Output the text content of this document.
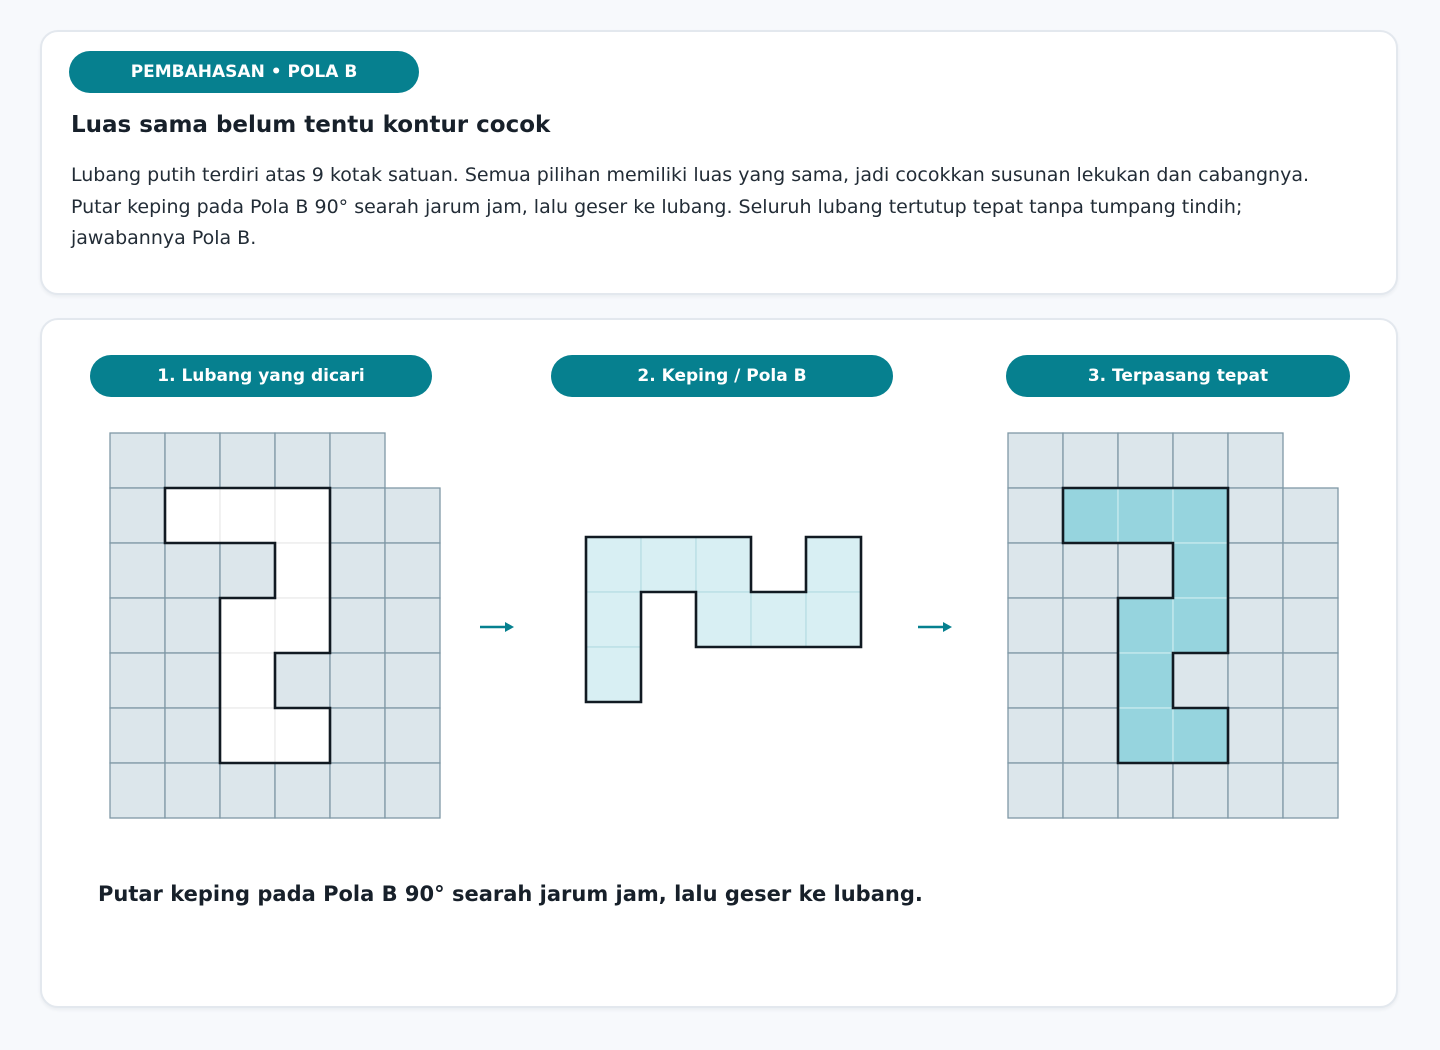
PEMBAHASAN • POLA B
Luas sama belum tentu kontur cocok

Lubang putih terdiri atas 9 kotak satuan. Semua pilihan memiliki luas yang sama, jadi cocokkan susunan lekukan dan cabangnya. Putar keping pada Pola B 90° searah jarum jam, lalu geser ke lubang. Seluruh lubang tertutup tepat tanpa tumpang tindih; jawabannya Pola B.

1. Lubang yang dicari	2. Keping / Pola B	3. Terpasang tepat
Putar keping pada Pola B 90° searah jarum jam, lalu geser ke lubang.
